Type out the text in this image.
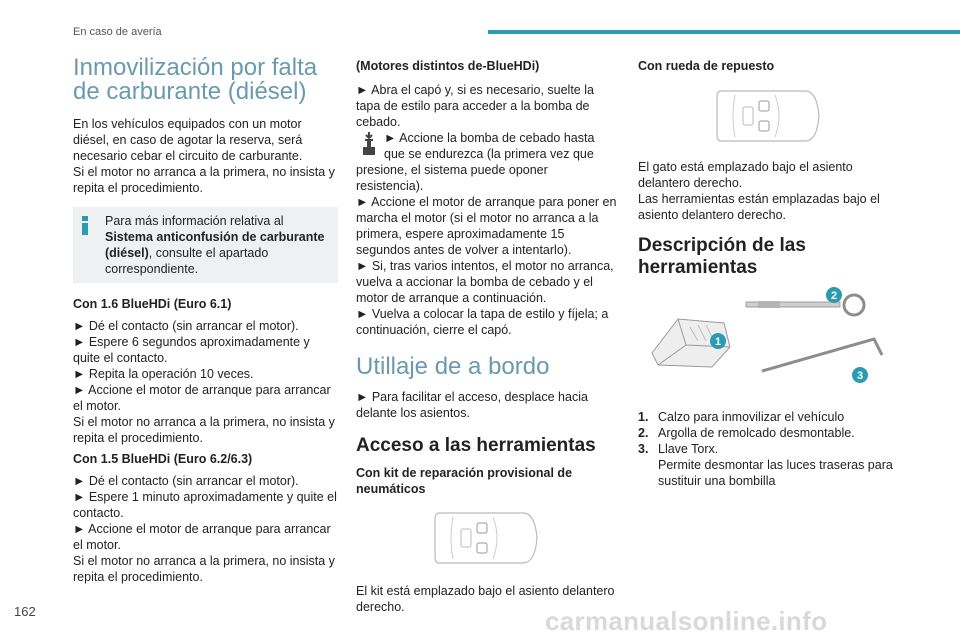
En caso de avería
Inmovilización por falta de carburante (diésel)
En los vehículos equipados con un motor diésel, en caso de agotar la reserva, será necesario cebar el circuito de carburante.
Si el motor no arranca a la primera, no insista y repita el procedimiento.
Para más información relativa al
Sistema anticonfusión de carburante (diésel), consulte el apartado correspondiente.
Con 1.6 BlueHDi (Euro 6.1)
► Dé el contacto (sin arrancar el motor).
► Espere 6 segundos aproximadamente y quite el contacto.
► Repita la operación 10 veces.
► Accione el motor de arranque para arrancar el motor.
Si el motor no arranca a la primera, no insista y repita el procedimiento.
Con 1.5 BlueHDi (Euro 6.2/6.3)
► Dé el contacto (sin arrancar el motor).
► Espere 1 minuto aproximadamente y quite el contacto.
► Accione el motor de arranque para arrancar el motor.
Si el motor no arranca a la primera, no insista y repita el procedimiento.
(Motores distintos de-BlueHDi)
► Abra el capó y, si es necesario, suelte la tapa de estilo para acceder a la bomba de cebado.
► Accione la bomba de cebado hasta que se endurezca (la primera vez que
presione, el sistema puede oponer resistencia).
► Accione el motor de arranque para poner en marcha el motor (si el motor no arranca a la primera, espere aproximadamente 15 segundos antes de volver a intentarlo).
► Si, tras varios intentos, el motor no arranca, vuelva a accionar la bomba de cebado y el motor de arranque a continuación.
► Vuelva a colocar la tapa de estilo y fíjela; a continuación, cierre el capó.
Utillaje de a bordo
► Para facilitar el acceso, desplace hacia delante los asientos.
Acceso a las herramientas
Con kit de reparación provisional de neumáticos
El kit está emplazado bajo el asiento delantero derecho.
Con rueda de repuesto
El gato está emplazado bajo el asiento delantero derecho.
Las herramientas están emplazadas bajo el asiento delantero derecho.
Descripción de las herramientas
1
2
3
1. Calzo para inmovilizar el vehículo
2. Argolla de remolcado desmontable.
3. Llave Torx.
Permite desmontar las luces traseras para sustituir una bombilla
162	carmanualsonline.info
